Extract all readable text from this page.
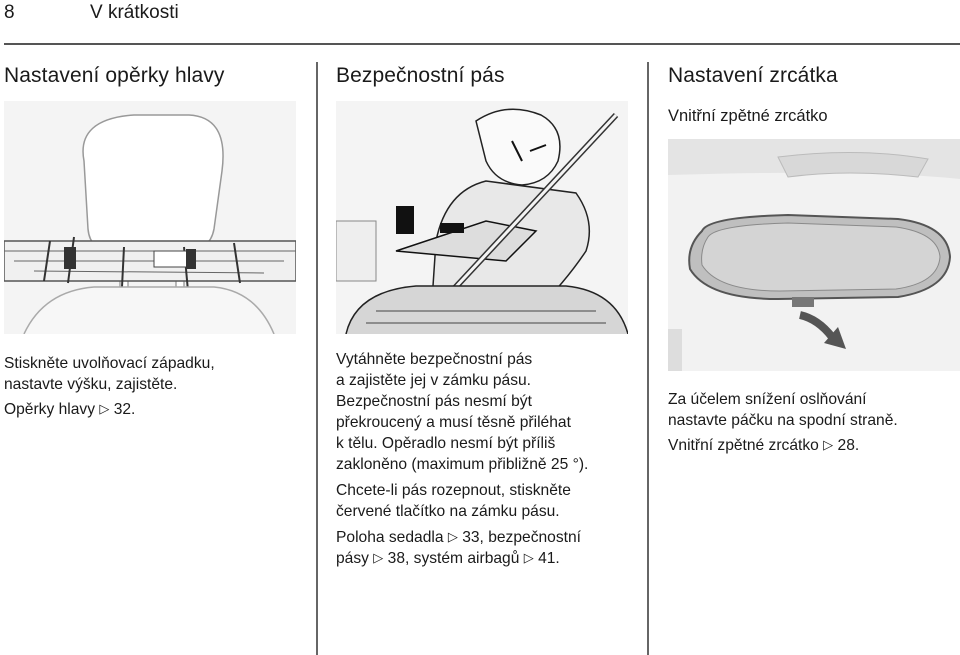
8	V krátkosti
Nastavení opěrky hlavy
Stiskněte uvolňovací západku,
nastavte výšku, zajistěte.
Opěrky hlavy ▷ 32.
Bezpečnostní pás
Vytáhněte bezpečnostní pás
a zajistěte jej v zámku pásu.
Bezpečnostní pás nesmí být
překroucený a musí těsně přiléhat
k tělu. Opěradlo nesmí být příliš
zakloněno (maximum přibližně 25 °).
Chcete-li pás rozepnout, stiskněte
červené tlačítko na zámku pásu.
Poloha sedadla ▷ 33, bezpečnostní
pásy ▷ 38, systém airbagů ▷ 41.
Nastavení zrcátka
Vnitřní zpětné zrcátko
Za účelem snížení oslňování
nastavte páčku na spodní straně.
Vnitřní zpětné zrcátko ▷ 28.
